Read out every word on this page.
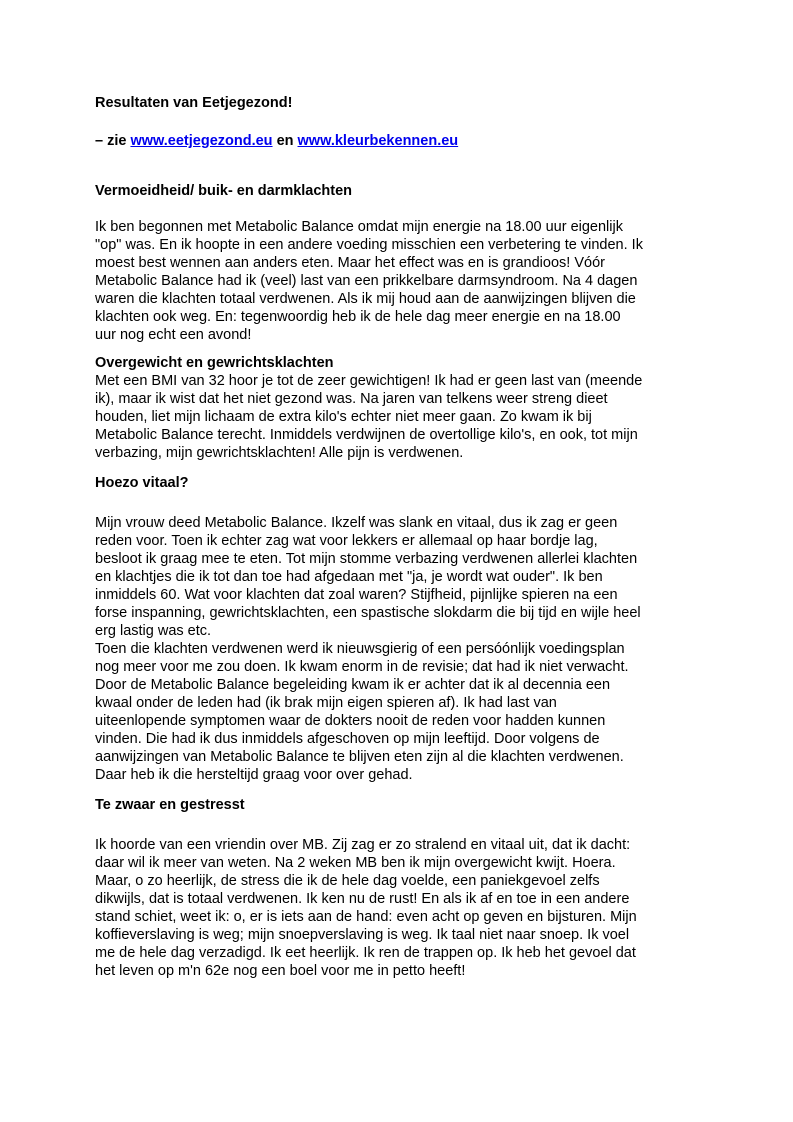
Resultaten van Eetjegezond!

– zie www.eetjegezond.eu en www.kleurbekennen.eu

Vermoeidheid/ buik- en darmklachten

Ik ben begonnen met Metabolic Balance omdat mijn energie na 18.00 uur eigenlijk
"op" was. En ik hoopte in een andere voeding misschien een verbetering te vinden. Ik
moest best wennen aan anders eten. Maar het effect was en is grandioos! Vóór
Metabolic Balance had ik (veel) last van een prikkelbare darmsyndroom. Na 4 dagen
waren die klachten totaal verdwenen. Als ik mij houd aan de aanwijzingen blijven die
klachten ook weg. En: tegenwoordig heb ik de hele dag meer energie en na 18.00
uur nog echt een avond!

Overgewicht en gewrichtsklachten

Met een BMI van 32 hoor je tot de zeer gewichtigen! Ik had er geen last van (meende
ik), maar ik wist dat het niet gezond was. Na jaren van telkens weer streng dieet
houden, liet mijn lichaam de extra kilo's echter niet meer gaan. Zo kwam ik bij
Metabolic Balance terecht. Inmiddels verdwijnen de overtollige kilo's, en ook, tot mijn
verbazing, mijn gewrichtsklachten! Alle pijn is verdwenen.

Hoezo vitaal?

Mijn vrouw deed Metabolic Balance. Ikzelf was slank en vitaal, dus ik zag er geen
reden voor. Toen ik echter zag wat voor lekkers er allemaal op haar bordje lag,
besloot ik graag mee te eten. Tot mijn stomme verbazing verdwenen allerlei klachten
en klachtjes die ik tot dan toe had afgedaan met "ja, je wordt wat ouder". Ik ben
inmiddels 60. Wat voor klachten dat zoal waren? Stijfheid, pijnlijke spieren na een
forse inspanning, gewrichtsklachten, een spastische slokdarm die bij tijd en wijle heel
erg lastig was etc.
Toen die klachten verdwenen werd ik nieuwsgierig of een persóónlijk voedingsplan
nog meer voor me zou doen. Ik kwam enorm in de revisie; dat had ik niet verwacht.
Door de Metabolic Balance begeleiding kwam ik er achter dat ik al decennia een
kwaal onder de leden had (ik brak mijn eigen spieren af). Ik had last van
uiteenlopende symptomen waar de dokters nooit de reden voor hadden kunnen
vinden. Die had ik dus inmiddels afgeschoven op mijn leeftijd. Door volgens de
aanwijzingen van Metabolic Balance te blijven eten zijn al die klachten verdwenen.
Daar heb ik die hersteltijd graag voor over gehad.

Te zwaar en gestresst

Ik hoorde van een vriendin over MB. Zij zag er zo stralend en vitaal uit, dat ik dacht:
daar wil ik meer van weten. Na 2 weken MB ben ik mijn overgewicht kwijt. Hoera.
Maar, o zo heerlijk, de stress die ik de hele dag voelde, een paniekgevoel zelfs
dikwijls, dat is totaal verdwenen. Ik ken nu de rust! En als ik af en toe in een andere
stand schiet, weet ik: o, er is iets aan de hand: even acht op geven en bijsturen. Mijn
koffieverslaving is weg; mijn snoepverslaving is weg. Ik taal niet naar snoep. Ik voel
me de hele dag verzadigd. Ik eet heerlijk. Ik ren de trappen op. Ik heb het gevoel dat
het leven op m'n 62e nog een boel voor me in petto heeft!
